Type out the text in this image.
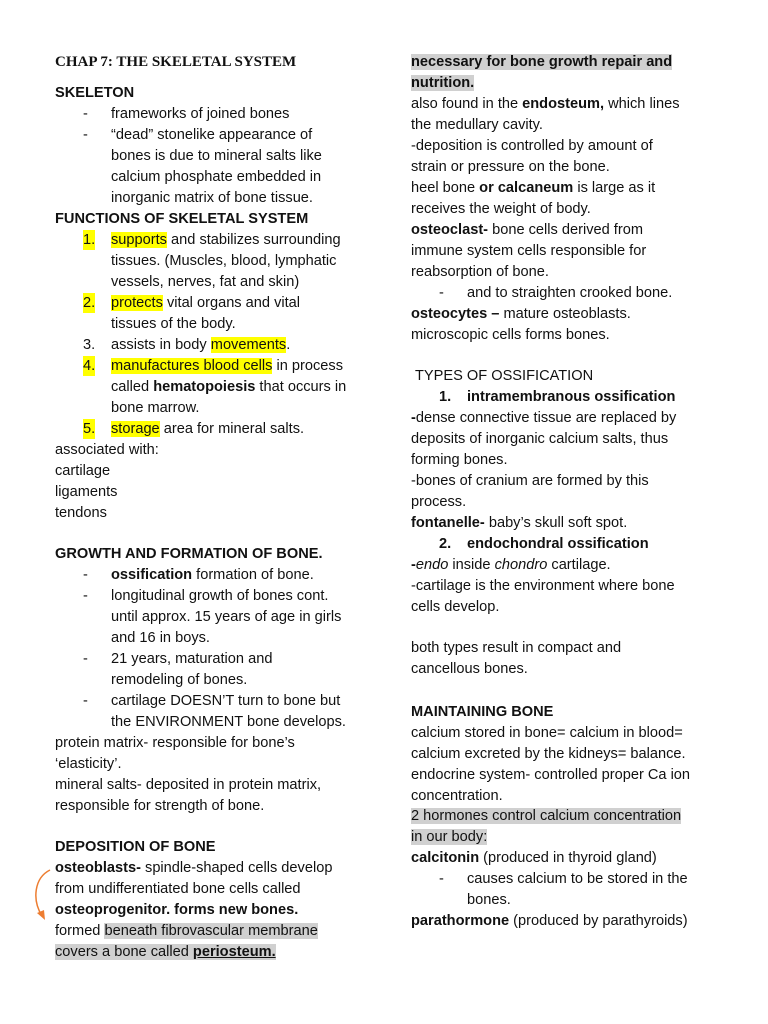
CHAP 7: THE SKELETAL SYSTEM
SKELETON
- frameworks of joined bones
- “dead” stonelike appearance of
bones is due to mineral salts like
calcium phosphate embedded in
inorganic matrix of bone tissue.
FUNCTIONS OF SKELETAL SYSTEM
1. supports and stabilizes surrounding
tissues. (Muscles, blood, lymphatic
vessels, nerves, fat and skin)
2. protects vital organs and vital
tissues of the body.
3. assists in body movements.
4. manufactures blood cells in process
called hematopoiesis that occurs in
bone marrow.
5. storage area for mineral salts.
associated with:
cartilage
ligaments
tendons
GROWTH AND FORMATION OF BONE.
- ossification formation of bone.
- longitudinal growth of bones cont.
until approx. 15 years of age in girls
and 16 in boys.
- 21 years, maturation and
remodeling of bones.
- cartilage DOESN’T turn to bone but
the ENVIRONMENT bone develops.
protein matrix- responsible for bone’s
‘elasticity’.
mineral salts- deposited in protein matrix,
responsible for strength of bone.
DEPOSITION OF BONE
osteoblasts- spindle-shaped cells develop
from undifferentiated bone cells called
osteoprogenitor. forms new bones.
formed beneath fibrovascular membrane
covers a bone called periosteum.
necessary for bone growth repair and
nutrition.
also found in the endosteum, which lines
the medullary cavity.
-deposition is controlled by amount of
strain or pressure on the bone.
heel bone or calcaneum is large as it
receives the weight of body.
osteoclast- bone cells derived from
immune system cells responsible for
reabsorption of bone.
- and to straighten crooked bone.
osteocytes – mature osteoblasts.
microscopic cells forms bones.
TYPES OF OSSIFICATION
1. intramembranous ossification
-dense connective tissue are replaced by
deposits of inorganic calcium salts, thus
forming bones.
-bones of cranium are formed by this
process.
fontanelle- baby’s skull soft spot.
2. endochondral ossification
-endo inside chondro cartilage.
-cartilage is the environment where bone
cells develop.
both types result in compact and
cancellous bones.
MAINTAINING BONE
calcium stored in bone= calcium in blood=
calcium excreted by the kidneys= balance.
endocrine system- controlled proper Ca ion
concentration.
2 hormones control calcium concentration
in our body:
calcitonin (produced in thyroid gland)
- causes calcium to be stored in the
bones.
parathormone (produced by parathyroids)
